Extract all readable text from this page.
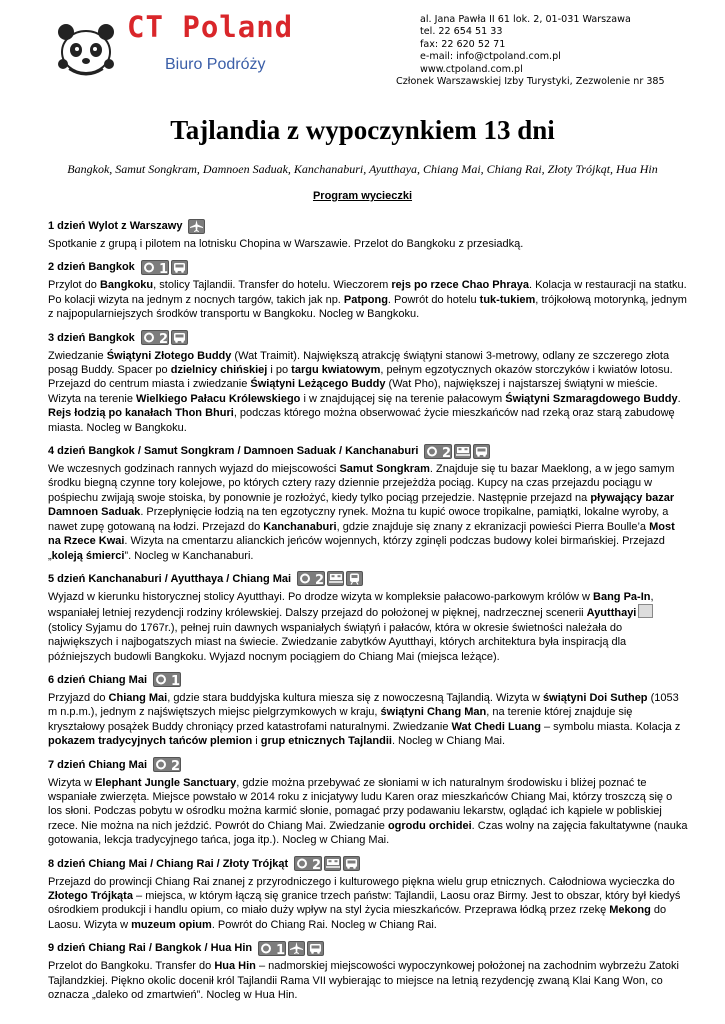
CT Poland
Biuro Podróży
al. Jana Pawła II 61 lok. 2, 01-031 Warszawa
tel. 22 654 51 33
fax: 22 620 52 71
e-mail: info@ctpoland.com.pl
www.ctpoland.com.pl
Członek Warszawskiej Izby Turystyki, Zezwolenie nr 385
Tajlandia z wypoczynkiem 13 dni
Bangkok, Samut Songkram, Damnoen Saduak, Kanchanaburi, Ayutthaya, Chiang Mai, Chiang Rai, Złoty Trójkąt, Hua Hin
Program wycieczki
1 dzień Wylot z Warszawy
Spotkanie z grupą i pilotem na lotnisku Chopina w Warszawie. Przelot do Bangkoku z przesiadką.
2 dzień Bangkok 1
Przylot do Bangkoku, stolicy Tajlandii. Transfer do hotelu. Wieczorem rejs po rzece Chao Phraya. Kolacja w restauracji na statku. Po kolacji wizyta na jednym z nocnych targów, takich jak np. Patpong. Powrót do hotelu tuk-tukiem, trójkołową motorynką, jednym z najpopularniejszych środków transportu w Bangkoku. Nocleg w Bangkoku.
3 dzień Bangkok 2
Zwiedzanie Świątyni Złotego Buddy (Wat Traimit). Największą atrakcję świątyni stanowi 3-metrowy, odlany ze szczerego złota posąg Buddy. Spacer po dzielnicy chińskiej i po targu kwiatowym, pełnym egzotycznych okazów storczyków i kwiatów lotosu. Przejazd do centrum miasta i zwiedzanie Świątyni Leżącego Buddy (Wat Pho), największej i najstarszej świątyni w mieście. Wizyta na terenie Wielkiego Pałacu Królewskiego i w znajdującej się na terenie pałacowym Świątyni Szmaragdowego Buddy. Rejs łodzią po kanałach Thon Bhuri, podczas którego można obserwować życie mieszkańców nad rzeką oraz starą zabudowę miasta. Nocleg w Bangkoku.
4 dzień Bangkok / Samut Songkram / Damnoen Saduak / Kanchanaburi 2
We wczesnych godzinach rannych wyjazd do miejscowości Samut Songkram. Znajduje się tu bazar Maeklong, a w jego samym środku biegną czynne tory kolejowe, po których cztery razy dziennie przejeżdża pociąg. Kupcy na czas przejazdu pociągu w pośpiechu zwijają swoje stoiska, by ponownie je rozłożyć, kiedy tylko pociąg przejedzie. Następnie przejazd na pływający bazar Damnoen Saduak. Przepłynięcie łodzią na ten egzotyczny rynek. Można tu kupić owoce tropikalne, pamiątki, lokalne wyroby, a nawet zupę gotowaną na łodzi. Przejazd do Kanchanaburi, gdzie znajduje się znany z ekranizacji powieści Pierra Boulle’a Most na Rzece Kwai. Wizyta na cmentarzu alianckich jeńców wojennych, którzy zginęli podczas budowy kolei birmańskiej. Przejazd „koleją śmierci”. Nocleg w Kanchanaburi.
5 dzień Kanchanaburi / Ayutthaya / Chiang Mai 2
Wyjazd w kierunku historycznej stolicy Ayutthayi. Po drodze wizyta w kompleksie pałacowo-parkowym królów w Bang Pa-In, wspaniałej letniej rezydencji rodziny królewskiej. Dalszy przejazd do położonej w pięknej, nadrzecznej scenerii Ayutthayi (stolicy Syjamu do 1767r.), pełnej ruin dawnych wspaniałych świątyń i pałaców, która w okresie świetności należała do największych i najbogatszych miast na świecie. Zwiedzanie zabytków Ayutthayi, których architektura była inspiracją dla późniejszych budowli Bangkoku. Wyjazd nocnym pociągiem do Chiang Mai (miejsca leżące).
6 dzień Chiang Mai 1
Przyjazd do Chiang Mai, gdzie stara buddyjska kultura miesza się z nowoczesną Tajlandią. Wizyta w świątyni Doi Suthep (1053 m n.p.m.), jednym z najświętszych miejsc pielgrzymkowych w kraju, świątyni Chang Man, na terenie której znajduje się kryształowy posążek Buddy chroniący przed katastrofami naturalnymi. Zwiedzanie Wat Chedi Luang – symbolu miasta. Kolacja z pokazem tradycyjnych tańców plemion i grup etnicznych Tajlandii. Nocleg w Chiang Mai.
7 dzień Chiang Mai 2
Wizyta w Elephant Jungle Sanctuary, gdzie można przebywać ze słoniami w ich naturalnym środowisku i bliżej poznać te wspaniałe zwierzęta. Miejsce powstało w 2014 roku z inicjatywy ludu Karen oraz mieszkańców Chiang Mai, którzy troszczą się o los słoni. Podczas pobytu w ośrodku można karmić słonie, pomagać przy podawaniu lekarstw, oglądać ich kąpiele w pobliskiej rzece. Nie można na nich jeździć. Powrót do Chiang Mai. Zwiedzanie ogrodu orchidei. Czas wolny na zajęcia fakultatywne (nauka gotowania, lekcja tradycyjnego tańca, joga itp.). Nocleg w Chiang Mai.
8 dzień Chiang Mai / Chiang Rai / Złoty Trójkąt 2
Przejazd do prowincji Chiang Rai znanej z przyrodniczego i kulturowego piękna wielu grup etnicznych. Całodniowa wycieczka do Złotego Trójkąta – miejsca, w którym łączą się granice trzech państw: Tajlandii, Laosu oraz Birmy. Jest to obszar, który był kiedyś ośrodkiem produkcji i handlu opium, co miało duży wpływ na styl życia mieszkańców. Przeprawa łódką przez rzekę Mekong do Laosu. Wizyta w muzeum opium. Powrót do Chiang Rai. Nocleg w Chiang Rai.
9 dzień Chiang Rai / Bangkok / Hua Hin 1
Przelot do Bangkoku. Transfer do Hua Hin – nadmorskiej miejscowości wypoczynkowej położonej na zachodnim wybrzeżu Zatoki Tajlandzkiej. Piękno okolic docenił król Tajlandii Rama VII wybierając to miejsce na letnią rezydencję zwaną Klai Kang Won, co oznacza „daleko od zmartwień”. Nocleg w Hua Hin.
